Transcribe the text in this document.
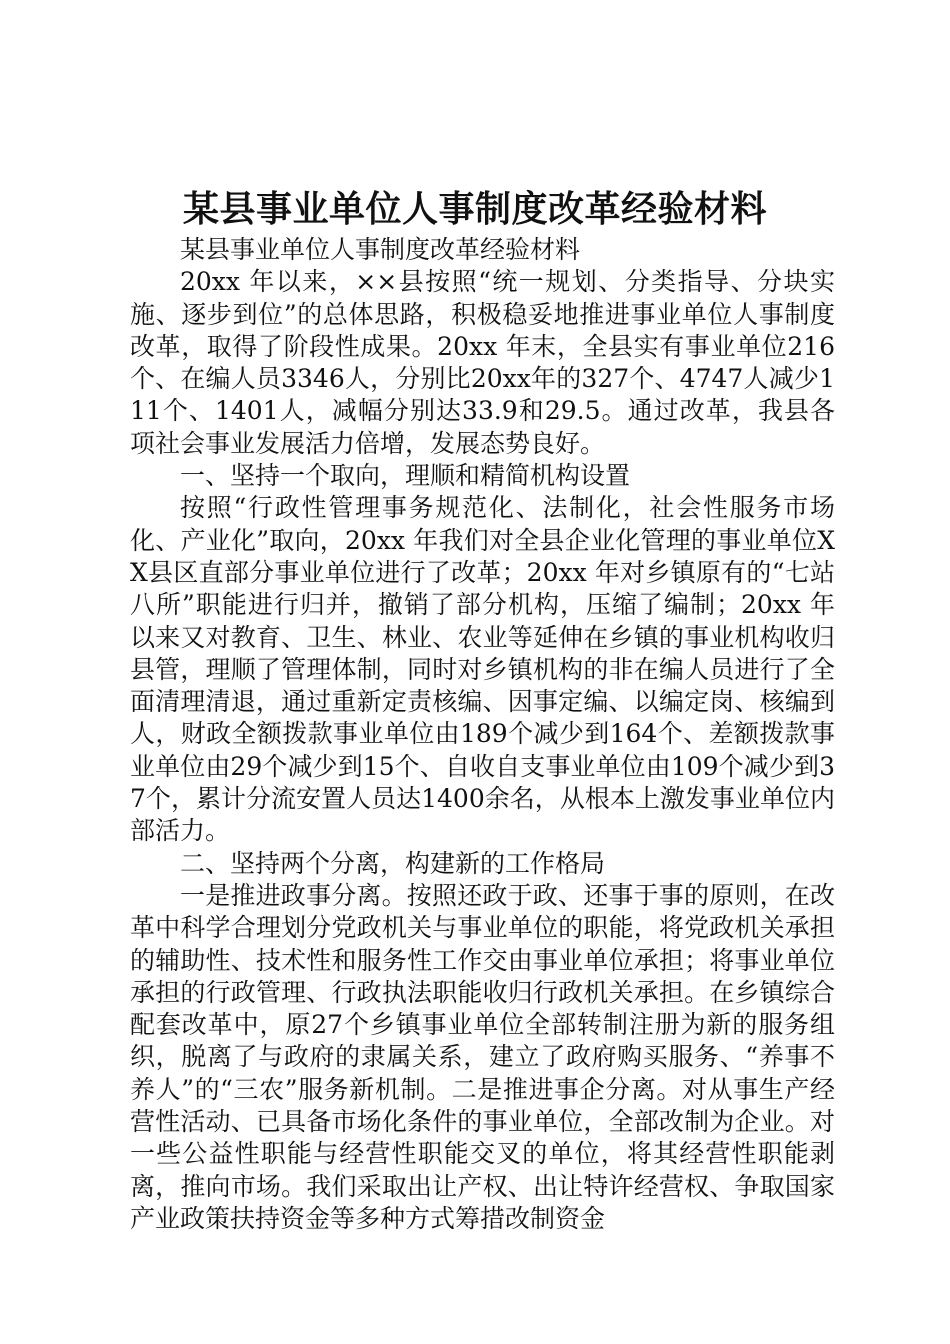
某县事业单位人事制度改革经验材料

某县事业单位人事制度改革经验材料

20xx 年以来，××县按照“统一规划、分类指导、分块实施、逐步到位”的总体思路，积极稳妥地推进事业单位人事制度改革，取得了阶段性成果。20xx 年末，全县实有事业单位216个、在编人员3346人，分别比20xx年的327个、4747人减少111个、1401人，减幅分别达33.9和29.5。通过改革，我县各项社会事业发展活力倍增，发展态势良好。

一、坚持一个取向，理顺和精简机构设置

按照“行政性管理事务规范化、法制化，社会性服务市场化、产业化”取向，20xx 年我们对全县企业化管理的事业单位XX县区直部分事业单位进行了改革；20xx 年对乡镇原有的“七站八所”职能进行归并，撤销了部分机构，压缩了编制；20xx 年以来又对教育、卫生、林业、农业等延伸在乡镇的事业机构收归县管，理顺了管理体制，同时对乡镇机构的非在编人员进行了全面清理清退，通过重新定责核编、因事定编、以编定岗、核编到人，财政全额拨款事业单位由189个减少到164个、差额拨款事业单位由29个减少到15个、自收自支事业单位由109个减少到37个，累计分流安置人员达1400余名，从根本上激发事业单位内部活力。

二、坚持两个分离，构建新的工作格局

一是推进政事分离。按照还政于政、还事于事的原则，在改革中科学合理划分党政机关与事业单位的职能，将党政机关承担的辅助性、技术性和服务性工作交由事业单位承担；将事业单位承担的行政管理、行政执法职能收归行政机关承担。在乡镇综合配套改革中，原27个乡镇事业单位全部转制注册为新的服务组织，脱离了与政府的隶属关系，建立了政府购买服务、“养事不养人”的“三农”服务新机制。二是推进事企分离。对从事生产经营性活动、已具备市场化条件的事业单位，全部改制为企业。对一些公益性职能与经营性职能交叉的单位，将其经营性职能剥离，推向市场。我们采取出让产权、出让特许经营权、争取国家产业政策扶持资金等多种方式筹措改制资金
